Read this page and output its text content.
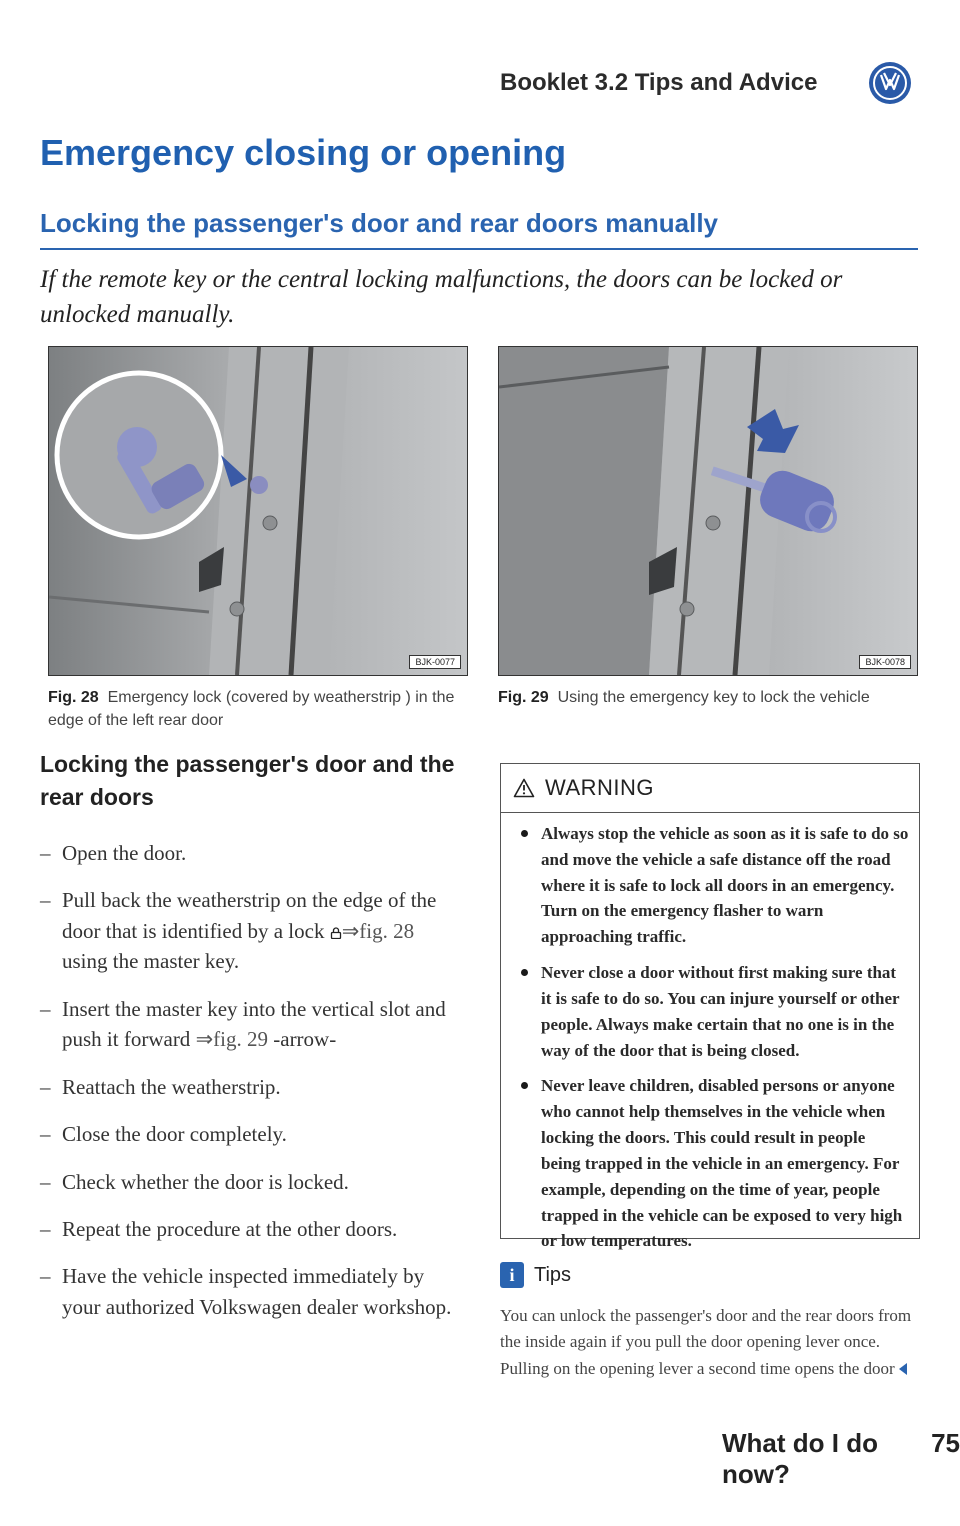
Booklet 3.2 Tips and Advice
Emergency closing or opening
Locking the passenger's door and rear doors manually
If the remote key or the central locking malfunctions, the doors can be locked or unlocked manually.
BJK-0077	BJK-0078
Fig. 28 Emergency lock (covered by weatherstrip ) in the edge of the left rear door
Fig. 29 Using the emergency key to lock the vehicle
Locking the passenger's door and the rear doors
– Open the door.
– Pull back the weatherstrip on the edge of the door that is identified by a lock ⇒fig. 28 using the master key.
– Insert the master key into the vertical slot and push it forward ⇒fig. 29 -arrow-
– Reattach the weatherstrip.
– Close the door completely.
– Check whether the door is locked.
– Repeat the procedure at the other doors.
– Have the vehicle inspected immediately by your authorized Volkswagen dealer workshop.
WARNING
Always stop the vehicle as soon as it is safe to do so and move the vehicle a safe distance off the road where it is safe to lock all doors in an emergency. Turn on the emergency flasher to warn approaching traffic.
Never close a door without first making sure that it is safe to do so. You can injure yourself or other people. Always make certain that no one is in the way of the door that is being closed.
Never leave children, disabled persons or anyone who cannot help themselves in the vehicle when locking the doors. This could result in people being trapped in the vehicle in an emergency. For example, depending on the time of year, people trapped in the vehicle can be exposed to very high or low temperatures.
i Tips
You can unlock the passenger's door and the rear doors from the inside again if you pull the door opening lever once. Pulling on the opening lever a second time opens the door
What do I do now?
75
